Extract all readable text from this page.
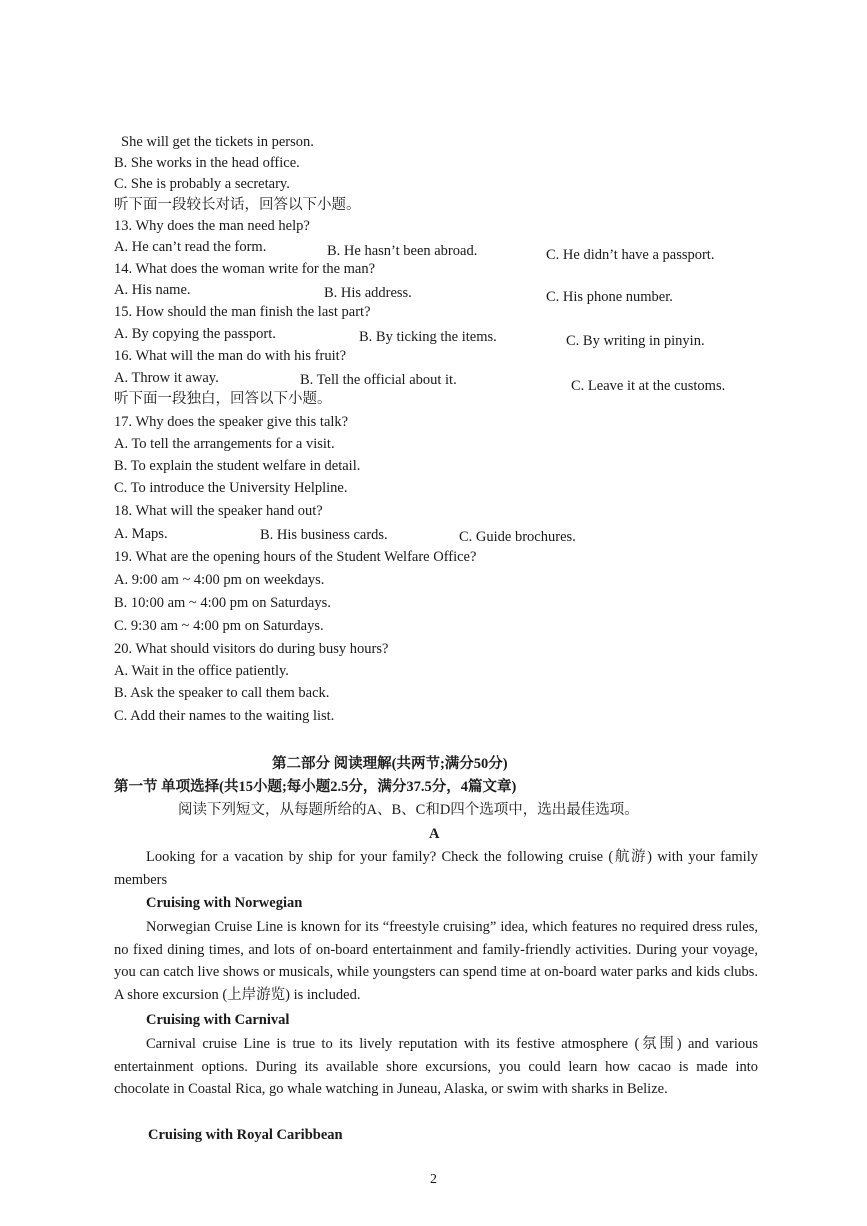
She will get the tickets in person.
B. She works in the head office.
C. She is probably a secretary.
听下面一段较长对话，回答以下小题。
13. Why does the man need help?
A. He can’t read the form.	B. He hasn’t been abroad.	C. He didn’t have a passport.
14. What does the woman write for the man?
A. His name.	B. His address.	C. His phone number.
15. How should the man finish the last part?
A. By copying the passport.	B. By ticking the items.	C. By writing in pinyin.
16. What will the man do with his fruit?
A. Throw it away.	B. Tell the official about it.	C. Leave it at the customs.
听下面一段独白，回答以下小题。
17. Why does the speaker give this talk?
A. To tell the arrangements for a visit.
B. To explain the student welfare in detail.
C. To introduce the University Helpline.
18. What will the speaker hand out?
A. Maps.	B. His business cards.	C. Guide brochures.
19. What are the opening hours of the Student Welfare Office?
A. 9:00 am ~ 4:00 pm on weekdays.
B. 10:00 am ~ 4:00 pm on Saturdays.
C. 9:30 am ~ 4:00 pm on Saturdays.
20. What should visitors do during busy hours?
A. Wait in the office patiently.
B. Ask the speaker to call them back.
C. Add their names to the waiting list.
第二部分 阅读理解(共两节;满分50分)
第一节 单项选择(共15小题;每小题2.5分，满分37.5分，4篇文章)
阅读下列短文，从每题所给的A、B、C和D四个选项中，选出最佳选项。
A
Looking for a vacation by ship for your family? Check the following cruise (航游) with your family members
Cruising with Norwegian
Norwegian Cruise Line is known for its “freestyle cruising” idea, which features no required dress rules, no fixed dining times, and lots of on-board entertainment and family-friendly activities. During your voyage, you can catch live shows or musicals, while youngsters can spend time at on-board water parks and kids clubs. A shore excursion (上岸游览) is included.
Cruising with Carnival
Carnival cruise Line is true to its lively reputation with its festive atmosphere (氛围) and various entertainment options. During its available shore excursions, you could learn how cacao is made into chocolate in Coastal Rica, go whale watching in Juneau, Alaska, or swim with sharks in Belize.
Cruising with Royal Caribbean
2
